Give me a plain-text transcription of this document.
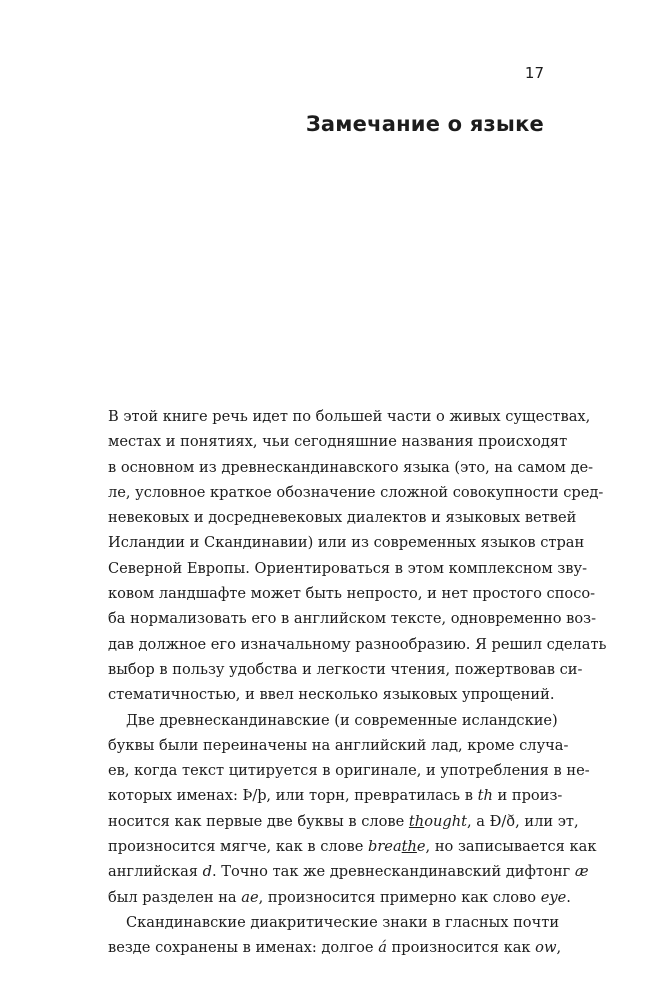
17
Замечание о языке
В этой книге речь идет по большей части о живых существах,
местах и понятиях, чьи сегодняшние названия происходят
в основном из древнескандинавского языка (это, на самом де-
ле, условное краткое обозначение сложной совокупности сред-
невековых и досредневековых диалектов и языковых ветвей
Исландии и Скандинавии) или из современных языков стран
Северной Европы. Ориентироваться в этом комплексном зву-
ковом ландшафте может быть непросто, и нет простого спосо-
ба нормализовать его в английском тексте, одновременно воз-
дав должное его изначальному разнообразию. Я решил сделать
выбор в пользу удобства и легкости чтения, пожертвовав си-
стематичностью, и ввел несколько языковых упрощений.
Две древнескандинавские (и современные исландские)
буквы были переиначены на английский лад, кроме случа-
ев, когда текст цитируется в оригинале, и употребления в не-
которых именах: Þ/þ, или торн, превратилась в th и произ-
носится как первые две буквы в слове thought, а Ð/ð, или эт,
произносится мягче, как в слове breathe, но записывается как
английская d. Точно так же древнескандинавский дифтонг æ
был разделен на ae, произносится примерно как слово eye.
Скандинавские диакритические знаки в гласных почти
везде сохранены в именах: долгое á произносится как ow,
